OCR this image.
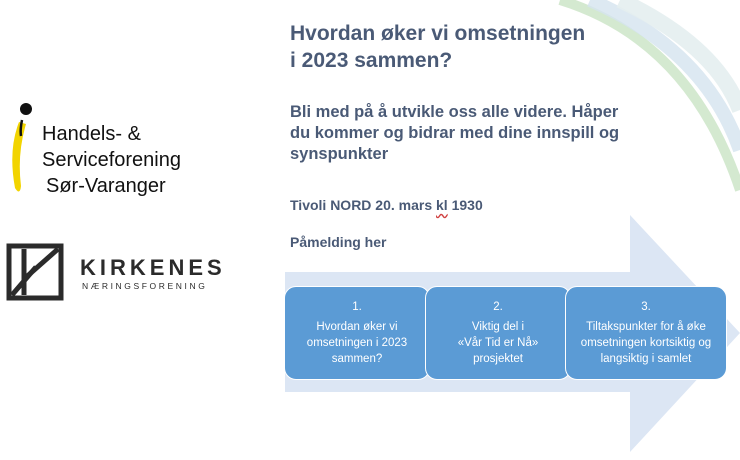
Hvordan øker vi omsetningen
i 2023 sammen?
Bli med på å utvikle oss alle videre. Håper
du kommer og bidrar med dine innspill og
synspunkter
Tivoli NORD 20. mars kl 1930
Påmelding her
1.
Hvordan øker vi
omsetningen i 2023
sammen?
2.
Viktig del i
«Vår Tid er Nå»
prosjektet
3.
Tiltakspunkter for å øke
omsetningen kortsiktig og
langsiktig i samlet
Handels- &
Serviceforening
Sør-Varanger
KIRKENES
NÆRINGSFORENING
